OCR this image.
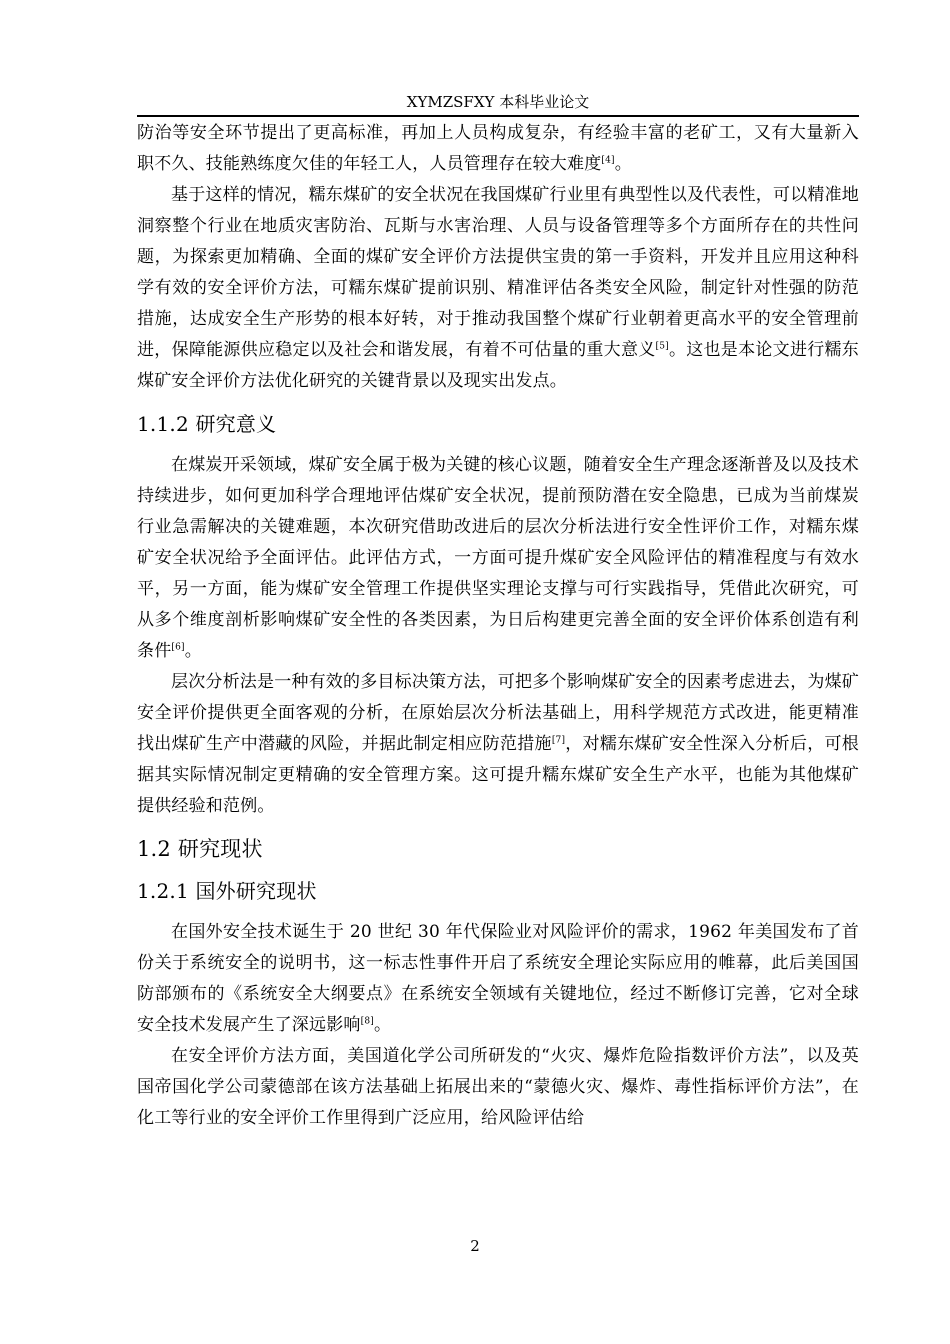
XYMZSFXY 本科毕业论文

防治等安全环节提出了更高标准，再加上人员构成复杂，有经验丰富的老矿工，又有大量新入职不久、技能熟练度欠佳的年轻工人，人员管理存在较大难度[4]。

基于这样的情况，糯东煤矿的安全状况在我国煤矿行业里有典型性以及代表性，可以精准地洞察整个行业在地质灾害防治、瓦斯与水害治理、人员与设备管理等多个方面所存在的共性问题，为探索更加精确、全面的煤矿安全评价方法提供宝贵的第一手资料，开发并且应用这种科学有效的安全评价方法，可糯东煤矿提前识别、精准评估各类安全风险，制定针对性强的防范措施，达成安全生产形势的根本好转，对于推动我国整个煤矿行业朝着更高水平的安全管理前进，保障能源供应稳定以及社会和谐发展，有着不可估量的重大意义[5]。这也是本论文进行糯东煤矿安全评价方法优化研究的关键背景以及现实出发点。

1.1.2 研究意义

在煤炭开采领域，煤矿安全属于极为关键的核心议题，随着安全生产理念逐渐普及以及技术持续进步，如何更加科学合理地评估煤矿安全状况，提前预防潜在安全隐患，已成为当前煤炭行业急需解决的关键难题，本次研究借助改进后的层次分析法进行安全性评价工作，对糯东煤矿安全状况给予全面评估。此评估方式，一方面可提升煤矿安全风险评估的精准程度与有效水平，另一方面，能为煤矿安全管理工作提供坚实理论支撑与可行实践指导，凭借此次研究，可从多个维度剖析影响煤矿安全性的各类因素，为日后构建更完善全面的安全评价体系创造有利条件[6]。

层次分析法是一种有效的多目标决策方法，可把多个影响煤矿安全的因素考虑进去，为煤矿安全评价提供更全面客观的分析，在原始层次分析法基础上，用科学规范方式改进，能更精准找出煤矿生产中潜藏的风险，并据此制定相应防范措施[7]，对糯东煤矿安全性深入分析后，可根据其实际情况制定更精确的安全管理方案。这可提升糯东煤矿安全生产水平，也能为其他煤矿提供经验和范例。

1.2 研究现状
1.2.1 国外研究现状

在国外安全技术诞生于 20 世纪 30 年代保险业对风险评价的需求，1962 年美国发布了首份关于系统安全的说明书，这一标志性事件开启了系统安全理论实际应用的帷幕，此后美国国防部颁布的《系统安全大纲要点》在系统安全领域有关键地位，经过不断修订完善，它对全球安全技术发展产生了深远影响[8]。

在安全评价方法方面，美国道化学公司所研发的“火灾、爆炸危险指数评价方法”，以及英国帝国化学公司蒙德部在该方法基础上拓展出来的“蒙德火灾、爆炸、毒性指标评价方法”，在化工等行业的安全评价工作里得到广泛应用，给风险评估给

2
